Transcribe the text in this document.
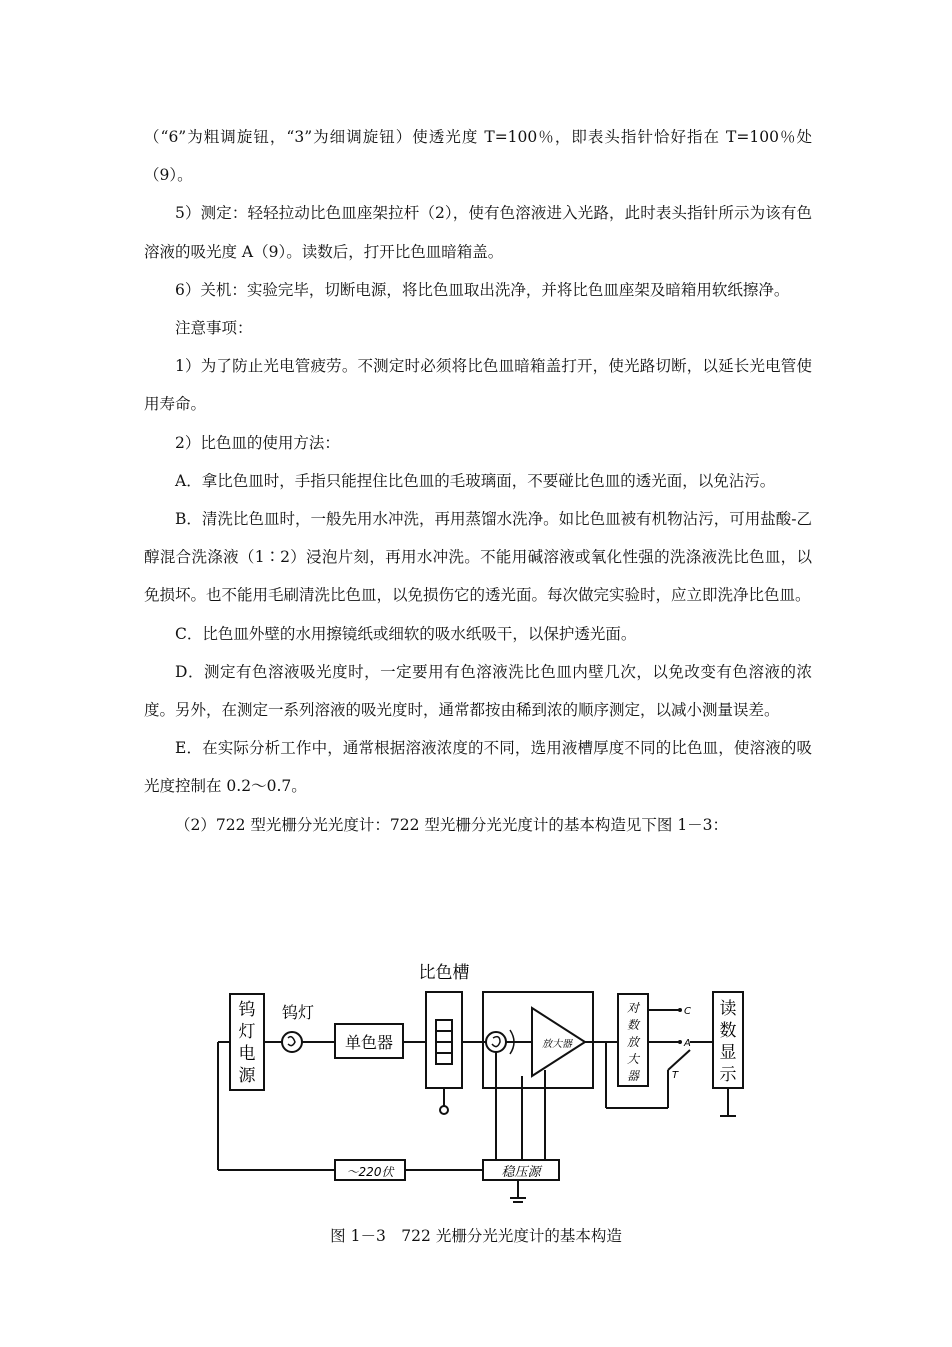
（“6”为粗调旋钮，“3”为细调旋钮）使透光度 T=100％，即表头指针恰好指在 T=100％处（9）。

5）测定：轻轻拉动比色皿座架拉杆（2），使有色溶液进入光路，此时表头指针所示为该有色溶液的吸光度 A（9）。读数后，打开比色皿暗箱盖。

6）关机：实验完毕，切断电源，将比色皿取出洗净，并将比色皿座架及暗箱用软纸擦净。

注意事项：

1）为了防止光电管疲劳。不测定时必须将比色皿暗箱盖打开，使光路切断，以延长光电管使用寿命。

2）比色皿的使用方法：

A．拿比色皿时，手指只能捏住比色皿的毛玻璃面，不要碰比色皿的透光面，以免沾污。

B．清洗比色皿时，一般先用水冲洗，再用蒸馏水洗净。如比色皿被有机物沾污，可用盐酸-乙醇混合洗涤液（1∶2）浸泡片刻，再用水冲洗。不能用碱溶液或氧化性强的洗涤液洗比色皿，以免损坏。也不能用毛刷清洗比色皿，以免损伤它的透光面。每次做完实验时，应立即洗净比色皿。

C．比色皿外壁的水用擦镜纸或细软的吸水纸吸干，以保护透光面。

D．测定有色溶液吸光度时，一定要用有色溶液洗比色皿内壁几次，以免改变有色溶液的浓度。另外，在测定一系列溶液的吸光度时，通常都按由稀到浓的顺序测定，以减小测量误差。

E．在实际分析工作中，通常根据溶液浓度的不同，选用液槽厚度不同的比色皿，使溶液的吸光度控制在 0.2～0.7。

（2）722 型光栅分光光度计：722 型光栅分光光度计的基本构造见下图 1－3：

比色槽
钨灯
单色器	放大器
C
A
T
～220伏	稳压源
钨灯电源
对数放大器
读数显示
图 1－3　722 光栅分光光度计的基本构造
